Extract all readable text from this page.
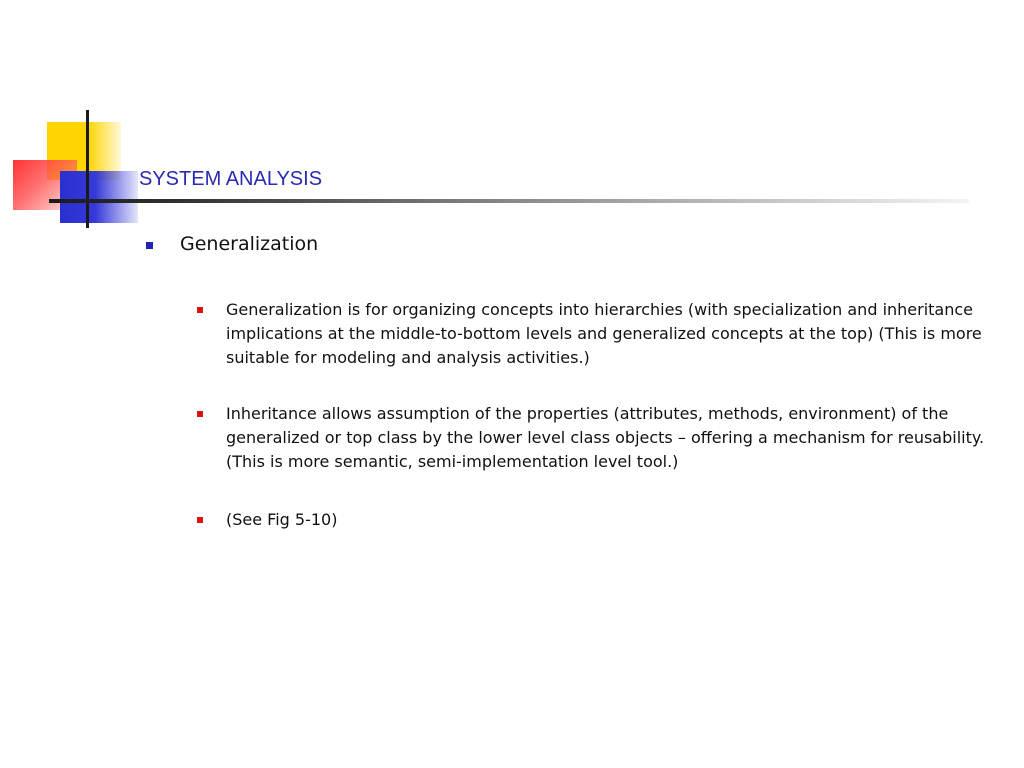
SYSTEM ANALYSIS
Generalization
Generalization is for organizing concepts into hierarchies (with specialization and inheritance implications at the middle-to-bottom levels and generalized concepts at the top) (This is more suitable for modeling and analysis activities.)
Inheritance allows assumption of the properties (attributes, methods, environment) of the generalized or top class by the lower level class objects – offering a mechanism for reusability. (This is more semantic, semi-implementation level tool.)
(See Fig 5-10)
